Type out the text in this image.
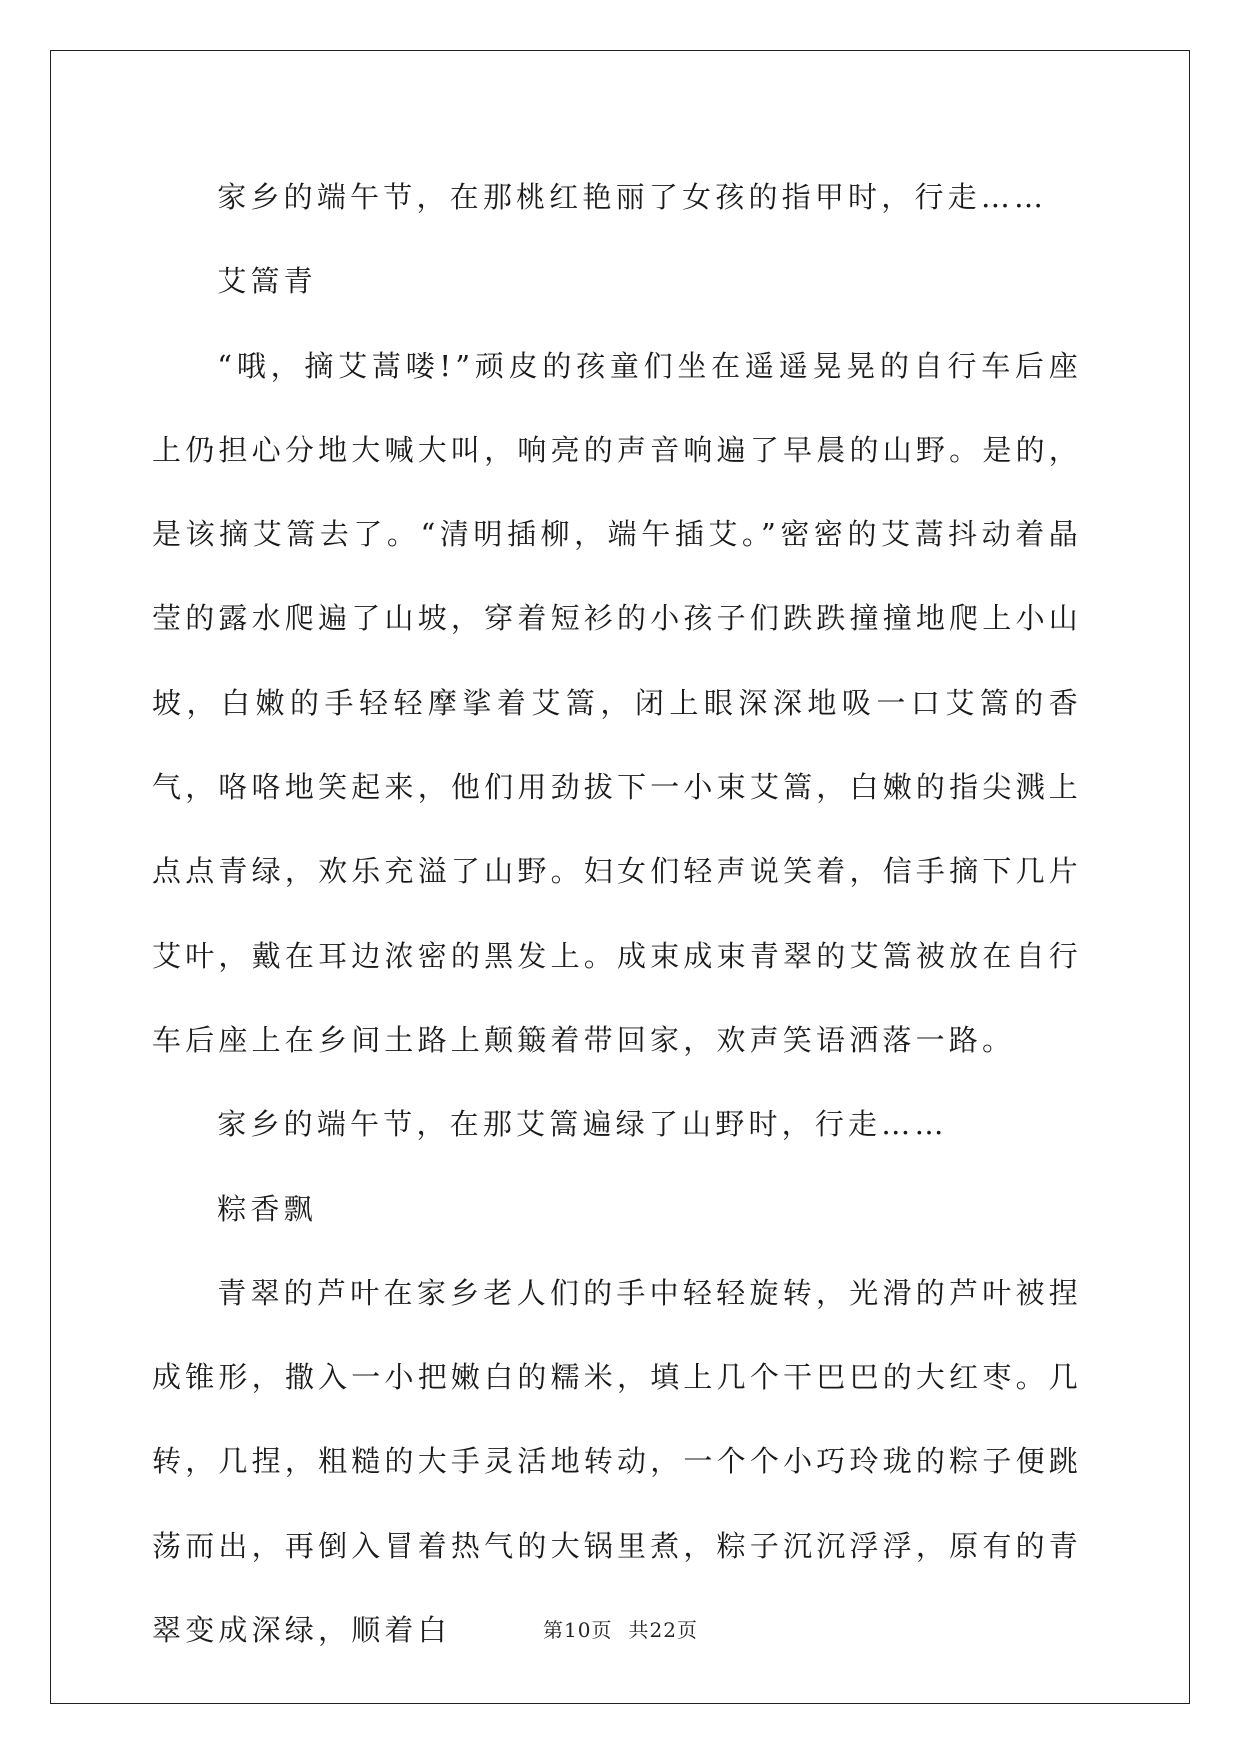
家乡的端午节，在那桃红艳丽了女孩的指甲时，行走……

艾篙青

“哦，摘艾蒿喽!”顽皮的孩童们坐在遥遥晃晃的自行车后座上仍担心分地大喊大叫，响亮的声音响遍了早晨的山野。是的，是该摘艾篙去了。“清明插柳，端午插艾。”密密的艾蒿抖动着晶莹的露水爬遍了山坡，穿着短衫的小孩子们跌跌撞撞地爬上小山坡，白嫩的手轻轻摩挲着艾篙，闭上眼深深地吸一口艾篙的香气，咯咯地笑起来，他们用劲拔下一小束艾篙，白嫩的指尖溅上点点青绿，欢乐充溢了山野。妇女们轻声说笑着，信手摘下几片艾叶，戴在耳边浓密的黑发上。成束成束青翠的艾篙被放在自行车后座上在乡间土路上颠簸着带回家，欢声笑语洒落一路。

家乡的端午节，在那艾篙遍绿了山野时，行走……

粽香飘

青翠的芦叶在家乡老人们的手中轻轻旋转，光滑的芦叶被捏成锥形，撒入一小把嫩白的糯米，填上几个干巴巴的大红枣。几转，几捏，粗糙的大手灵活地转动，一个个小巧玲珑的粽子便跳荡而出，再倒入冒着热气的大锅里煮，粽子沉沉浮浮，原有的青翠变成深绿，顺着白	第10页 共22页
